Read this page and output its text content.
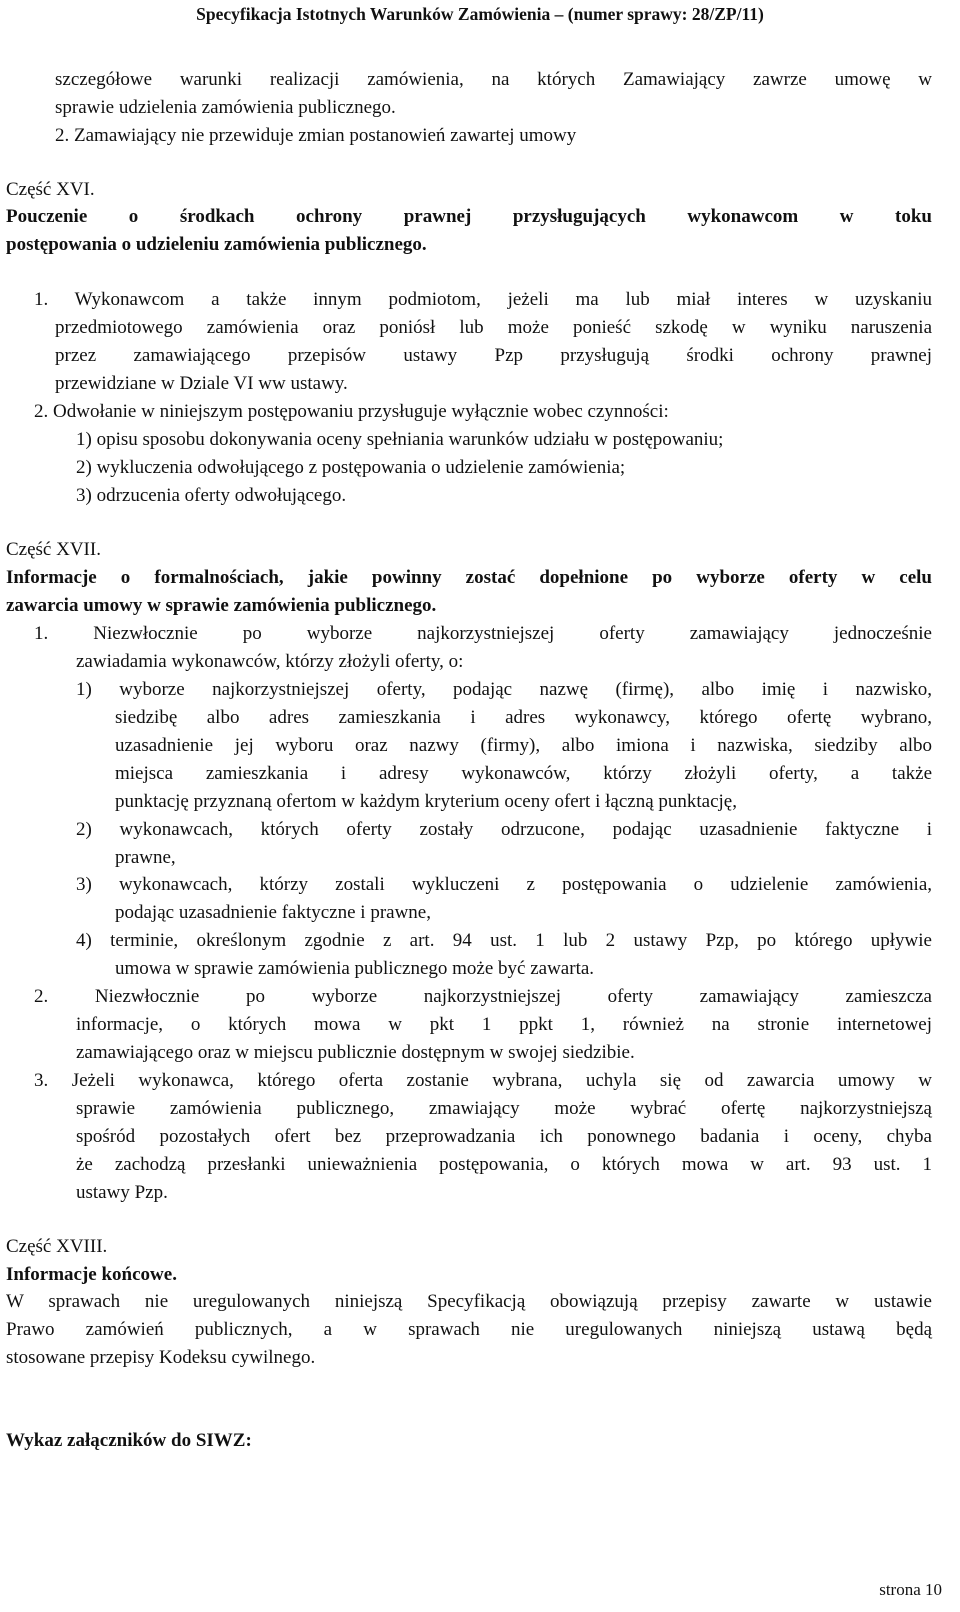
Specyfikacja Istotnych Warunków Zamówienia – (numer sprawy: 28/ZP/11)
szczegółowe warunki realizacji zamówienia, na których Zamawiający zawrze umowę w
sprawie udzielenia zamówienia publicznego.
2. Zamawiający nie przewiduje zmian postanowień zawartej umowy
Część XVI.
Pouczenie o środkach ochrony prawnej przysługujących wykonawcom w toku
postępowania o udzieleniu zamówienia publicznego.
1. Wykonawcom a także innym podmiotom, jeżeli ma lub miał interes w uzyskaniu
przedmiotowego zamówienia oraz poniósł lub może ponieść szkodę w wyniku naruszenia
przez zamawiającego przepisów ustawy Pzp przysługują środki ochrony prawnej
przewidziane w Dziale VI ww ustawy.
2. Odwołanie w niniejszym postępowaniu przysługuje wyłącznie wobec czynności:
1) opisu sposobu dokonywania oceny spełniania warunków udziału w postępowaniu;
2) wykluczenia odwołującego z postępowania o udzielenie zamówienia;
3) odrzucenia oferty odwołującego.
Część XVII.
Informacje o formalnościach, jakie powinny zostać dopełnione po wyborze oferty w celu
zawarcia umowy w sprawie zamówienia publicznego.
1. Niezwłocznie po wyborze najkorzystniejszej oferty zamawiający jednocześnie
zawiadamia wykonawców, którzy złożyli oferty, o:
1) wyborze najkorzystniejszej oferty, podając nazwę (firmę), albo imię i nazwisko,
siedzibę albo adres zamieszkania i adres wykonawcy, którego ofertę wybrano,
uzasadnienie jej wyboru oraz nazwy (firmy), albo imiona i nazwiska, siedziby albo
miejsca zamieszkania i adresy wykonawców, którzy złożyli oferty, a także
punktację przyznaną ofertom w każdym kryterium oceny ofert i łączną punktację,
2) wykonawcach, których oferty zostały odrzucone, podając uzasadnienie faktyczne i
prawne,
3) wykonawcach, którzy zostali wykluczeni z postępowania o udzielenie zamówienia,
podając uzasadnienie faktyczne i prawne,
4) terminie, określonym zgodnie z art. 94 ust. 1 lub 2 ustawy Pzp, po którego upływie
umowa w sprawie zamówienia publicznego może być zawarta.
2. Niezwłocznie po wyborze najkorzystniejszej oferty zamawiający zamieszcza
informacje, o których mowa w pkt 1 ppkt 1, również na stronie internetowej
zamawiającego oraz w miejscu publicznie dostępnym w swojej siedzibie.
3. Jeżeli wykonawca, którego oferta zostanie wybrana, uchyla się od zawarcia umowy w
sprawie zamówienia publicznego, zmawiający może wybrać ofertę najkorzystniejszą
spośród pozostałych ofert bez przeprowadzania ich ponownego badania i oceny, chyba
że zachodzą przesłanki unieważnienia postępowania, o których mowa w art. 93 ust. 1
ustawy Pzp.
Część XVIII.
Informacje końcowe.
W sprawach nie uregulowanych niniejszą Specyfikacją obowiązują przepisy zawarte w ustawie
Prawo zamówień publicznych, a w sprawach nie uregulowanych niniejszą ustawą będą
stosowane przepisy Kodeksu cywilnego.
Wykaz załączników do SIWZ:
strona 10
